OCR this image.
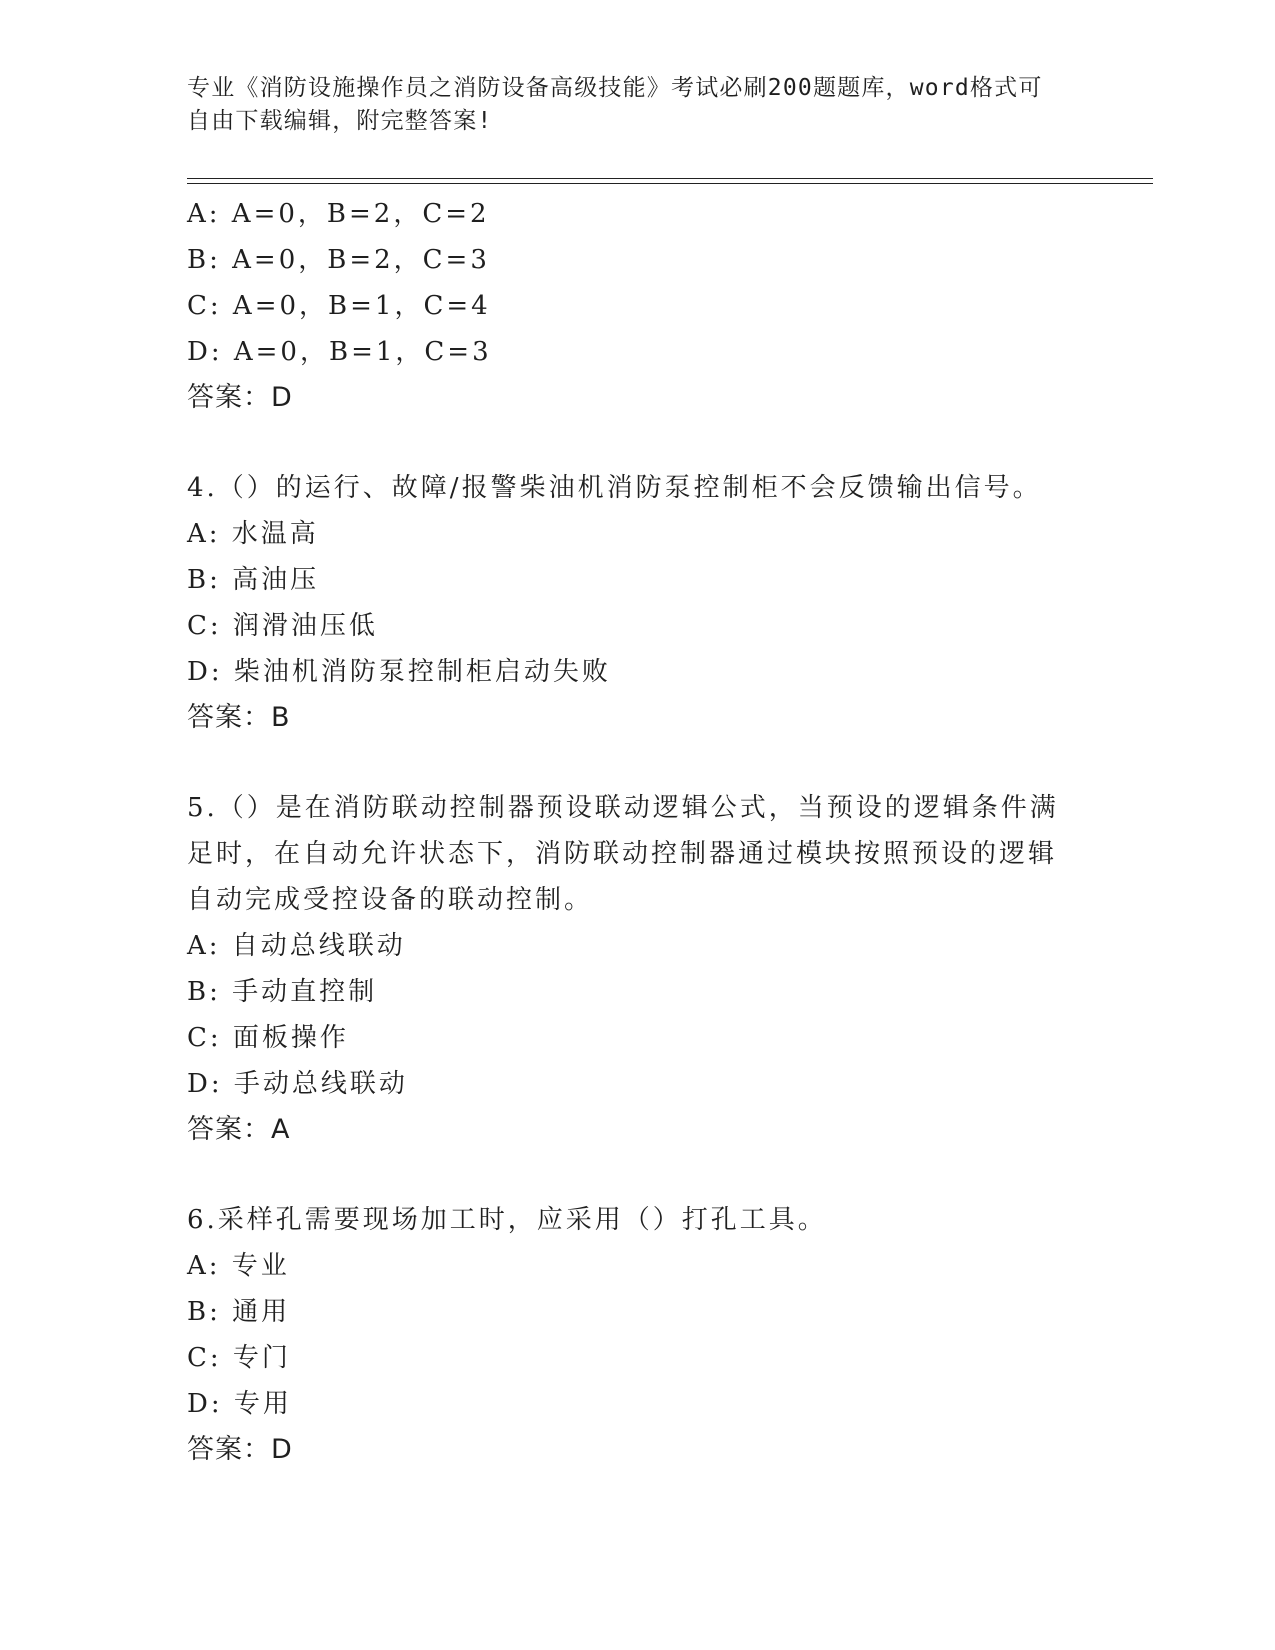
专业《消防设施操作员之消防设备高级技能》考试必刷200题题库，word格式可
自由下载编辑，附完整答案!
A: A=0，B=2，C=2
B: A=0，B=2，C=3
C: A=0，B=1，C=4
D: A=0，B=1，C=3
答案：D
4.（）的运行、故障/报警柴油机消防泵控制柜不会反馈输出信号。
A: 水温高
B: 高油压
C: 润滑油压低
D: 柴油机消防泵控制柜启动失败
答案：B
5.（）是在消防联动控制器预设联动逻辑公式，当预设的逻辑条件满
足时，在自动允许状态下，消防联动控制器通过模块按照预设的逻辑
自动完成受控设备的联动控制。
A: 自动总线联动
B: 手动直控制
C: 面板操作
D: 手动总线联动
答案：A
6.采样孔需要现场加工时，应采用（）打孔工具。
A: 专业
B: 通用
C: 专门
D: 专用
答案：D
